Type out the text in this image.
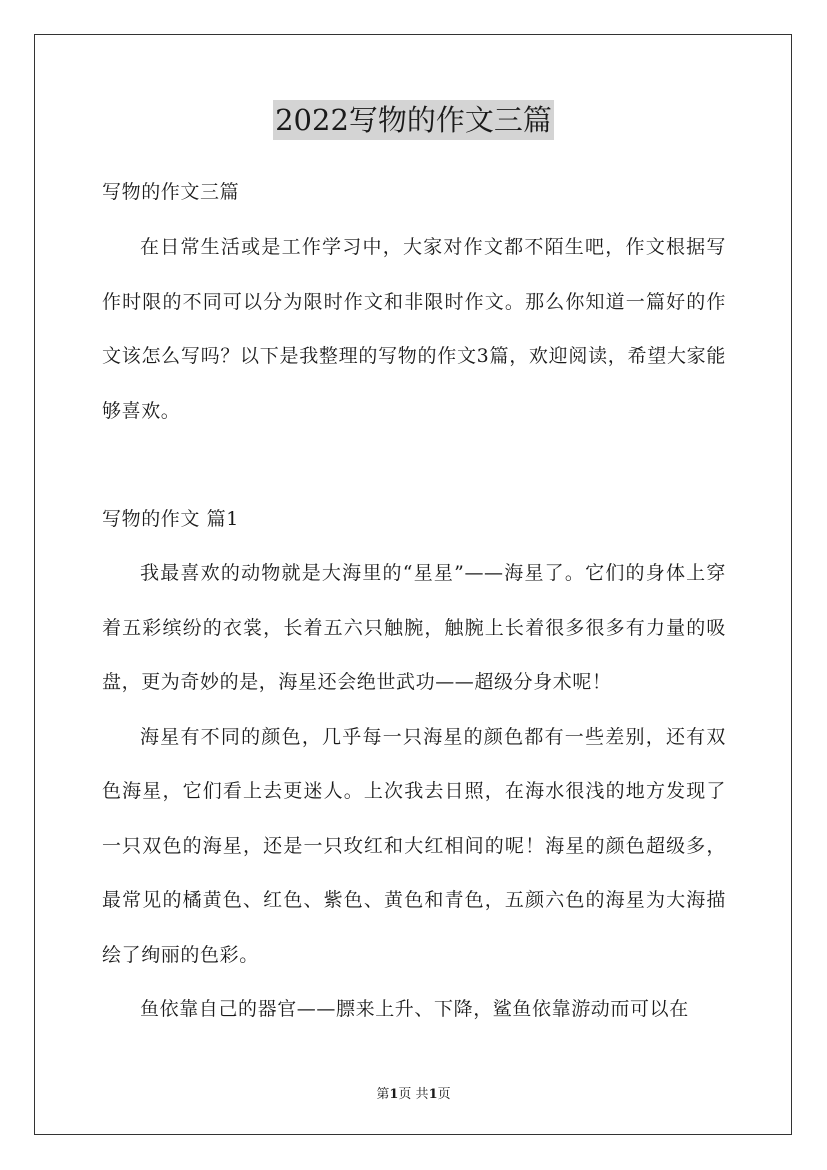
2022写物的作文三篇
写物的作文三篇

在日常生活或是工作学习中，大家对作文都不陌生吧，作文根据写作时限的不同可以分为限时作文和非限时作文。那么你知道一篇好的作文该怎么写吗？以下是我整理的写物的作文3篇，欢迎阅读，希望大家能够喜欢。

写物的作文 篇1

我最喜欢的动物就是大海里的“星星”——海星了。它们的身体上穿着五彩缤纷的衣裳，长着五六只触腕，触腕上长着很多很多有力量的吸盘，更为奇妙的是，海星还会绝世武功——超级分身术呢！

海星有不同的颜色，几乎每一只海星的颜色都有一些差别，还有双色海星，它们看上去更迷人。上次我去日照，在海水很浅的地方发现了一只双色的海星，还是一只玫红和大红相间的呢！海星的颜色超级多，最常见的橘黄色、红色、紫色、黄色和青色，五颜六色的海星为大海描绘了绚丽的色彩。

鱼依靠自己的器官——膘来上升、下降，鲨鱼依靠游动而可以在

第1页 共1页
